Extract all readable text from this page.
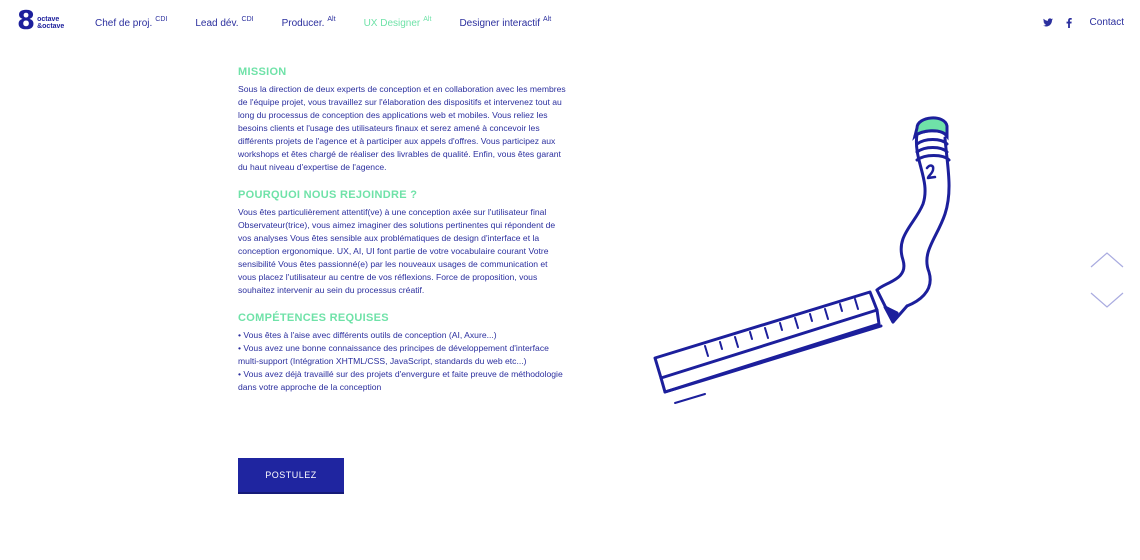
8 octave
&octave	Chef de proj. $^{CDI}$	Lead dév. $^{CDI}$	Producer. $^{Alt}$	UX Designer $^{Alt}$	Designer interactif $^{Alt}$	Contact
MISSION

Sous la direction de deux experts de conception et en collaboration avec les membres de l'équipe projet, vous travaillez sur l'élaboration des dispositifs et intervenez tout au long du processus de conception des applications web et mobiles. Vous reliez les besoins clients et l'usage des utilisateurs finaux et serez amené à concevoir les différents projets de l'agence et à participer aux appels d'offres. Vous participez aux workshops et êtes chargé de réaliser des livrables de qualité. Enfin, vous êtes garant du haut niveau d'expertise de l'agence.

POURQUOI NOUS REJOINDRE ?

Vous êtes particulièrement attentif(ve) à une conception axée sur l'utilisateur final Observateur(trice), vous aimez imaginer des solutions pertinentes qui répondent de vos analyses Vous êtes sensible aux problématiques de design d'interface et la conception ergonomique. UX, AI, UI font partie de votre vocabulaire courant Votre sensibilité Vous êtes passionné(e) par les nouveaux usages de communication et vous placez l'utilisateur au centre de vos réflexions. Force de proposition, vous souhaitez intervenir au sein du processus créatif.

COMPÉTENCES REQUISES
• Vous êtes à l'aise avec différents outils de conception (AI, Axure...)
• Vous avez une bonne connaissance des principes de développement d'interface multi-support (Intégration XHTML/CSS, JavaScript, standards du web etc...)
• Vous avez déjà travaillé sur des projets d'envergure et faite preuve de méthodologie dans votre approche de la conception
POSTULEZ
